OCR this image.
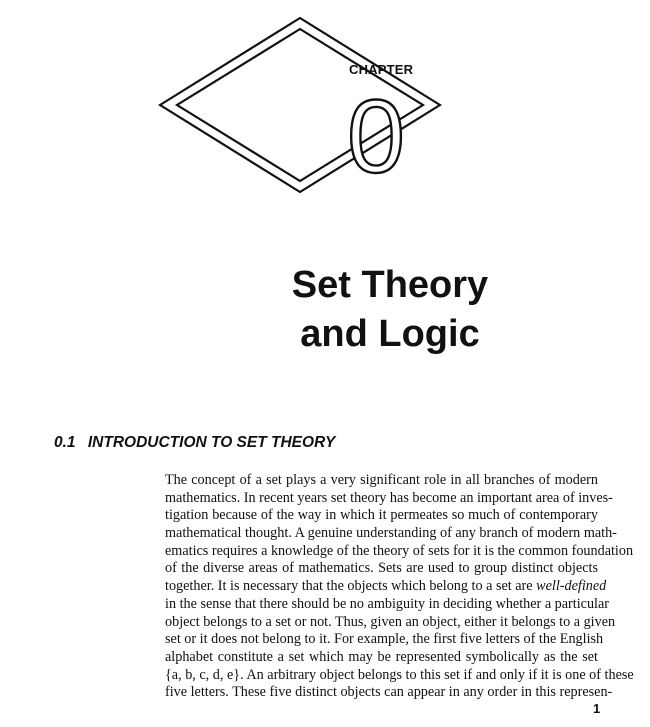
CHAPTER
0
Set Theory
and Logic
0.1 INTRODUCTION TO SET THEORY
The concept of a set plays a very significant role in all branches of modern
mathematics. In recent years set theory has become an important area of inves-
tigation because of the way in which it permeates so much of contemporary
mathematical thought. A genuine understanding of any branch of modern math-
ematics requires a knowledge of the theory of sets for it is the common foundation
of the diverse areas of mathematics. Sets are used to group distinct objects
together. It is necessary that the objects which belong to a set are well-defined
in the sense that there should be no ambiguity in deciding whether a particular
object belongs to a set or not. Thus, given an object, either it belongs to a given
set or it does not belong to it. For example, the first five letters of the English
alphabet constitute a set which may be represented symbolically as the set
{a, b, c, d, e}. An arbitrary object belongs to this set if and only if it is one of these
five letters. These five distinct objects can appear in any order in this represen-
1
